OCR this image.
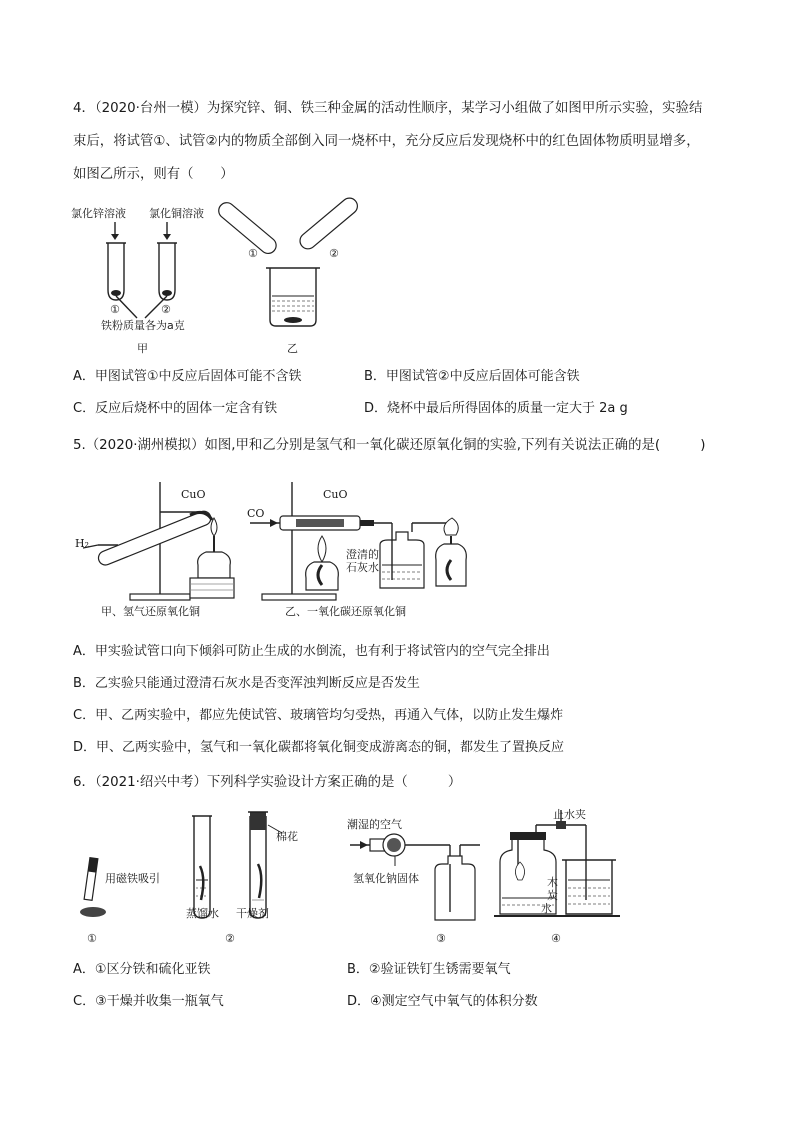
4．（2020·台州一模）为探究锌、铜、铁三种金属的活动性顺序，某学习小组做了如图甲所示实验，实验结
束后，将试管①、试管②内的物质全部倒入同一烧杯中，充分反应后发现烧杯中的红色固体物质明显增多，
如图乙所示，则有（　　）
氯化锌溶液 氯化铜溶液
①	②
①	②
铁粉质量各为a克
甲	乙
A．甲图试管①中反应后固体可能不含铁	B．甲图试管②中反应后固体可能含铁
C．反应后烧杯中的固体一定含有铁	D．烧杯中最后所得固体的质量一定大于 2a g
5.（2020·湖州模拟）如图,甲和乙分别是氢气和一氧化碳还原氧化铜的实验,下列有关说法正确的是(　　　)
CuO
H₂
甲、氢气还原氧化铜
CO
CuO
澄清的
石灰水
乙、一氧化碳还原氧化铜
A．甲实验试管口向下倾斜可防止生成的水倒流，也有利于将试管内的空气完全排出
B．乙实验只能通过澄清石灰水是否变浑浊判断反应是否发生
C．甲、乙两实验中，都应先使试管、玻璃管均匀受热，再通入气体，以防止发生爆炸
D．甲、乙两实验中，氢气和一氧化碳都将氧化铜变成游离态的铜，都发生了置换反应
6．（2021·绍兴中考）下列科学实验设计方案正确的是（　　　）
用磁铁吸引
①
棉花
蒸馏水 干燥剂
②
潮湿的空气
氢氧化钠固体
③
止水夹
木
炭
水
④
A．①区分铁和硫化亚铁	B．②验证铁钉生锈需要氧气
C．③干燥并收集一瓶氧气	D．④测定空气中氧气的体积分数
